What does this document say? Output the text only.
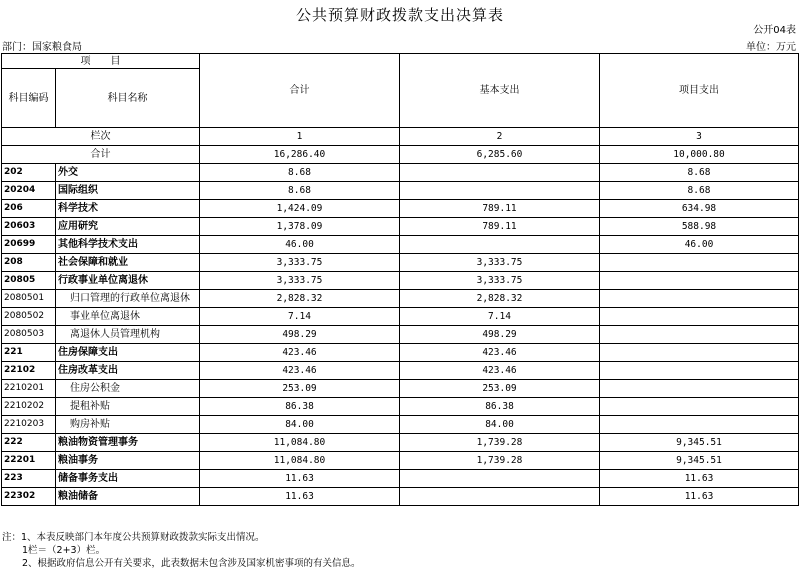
公共预算财政拨款支出决算表
公开04表
部门：国家粮食局	单位：万元
项　　目		合计	基本支出	项目支出
科目编码	科目名称			
栏次		1	2	3
合计		16,286.40	6,285.60	10,000.80
202	外交	8.68		8.68
20204	国际组织	8.68		8.68
206	科学技术	1,424.09	789.11	634.98
20603	应用研究	1,378.09	789.11	588.98
20699	其他科学技术支出	46.00		46.00
208	社会保障和就业	3,333.75	3,333.75	
20805	行政事业单位离退休	3,333.75	3,333.75	
2080501	归口管理的行政单位离退休	2,828.32	2,828.32	
2080502	事业单位离退休	7.14	7.14	
2080503	离退休人员管理机构	498.29	498.29	
221	住房保障支出	423.46	423.46	
22102	住房改革支出	423.46	423.46	
2210201	住房公积金	253.09	253.09	
2210202	提租补贴	86.38	86.38	
2210203	购房补贴	84.00	84.00	
222	粮油物资管理事务	11,084.80	1,739.28	9,345.51
22201	粮油事务	11,084.80	1,739.28	9,345.51
223	储备事务支出	11.63		11.63
22302	粮油储备	11.63		11.63
注：1、本表反映部门本年度公共预算财政拨款实际支出情况。
1栏＝（2+3）栏。
2、根据政府信息公开有关要求，此表数据未包含涉及国家机密事项的有关信息。
